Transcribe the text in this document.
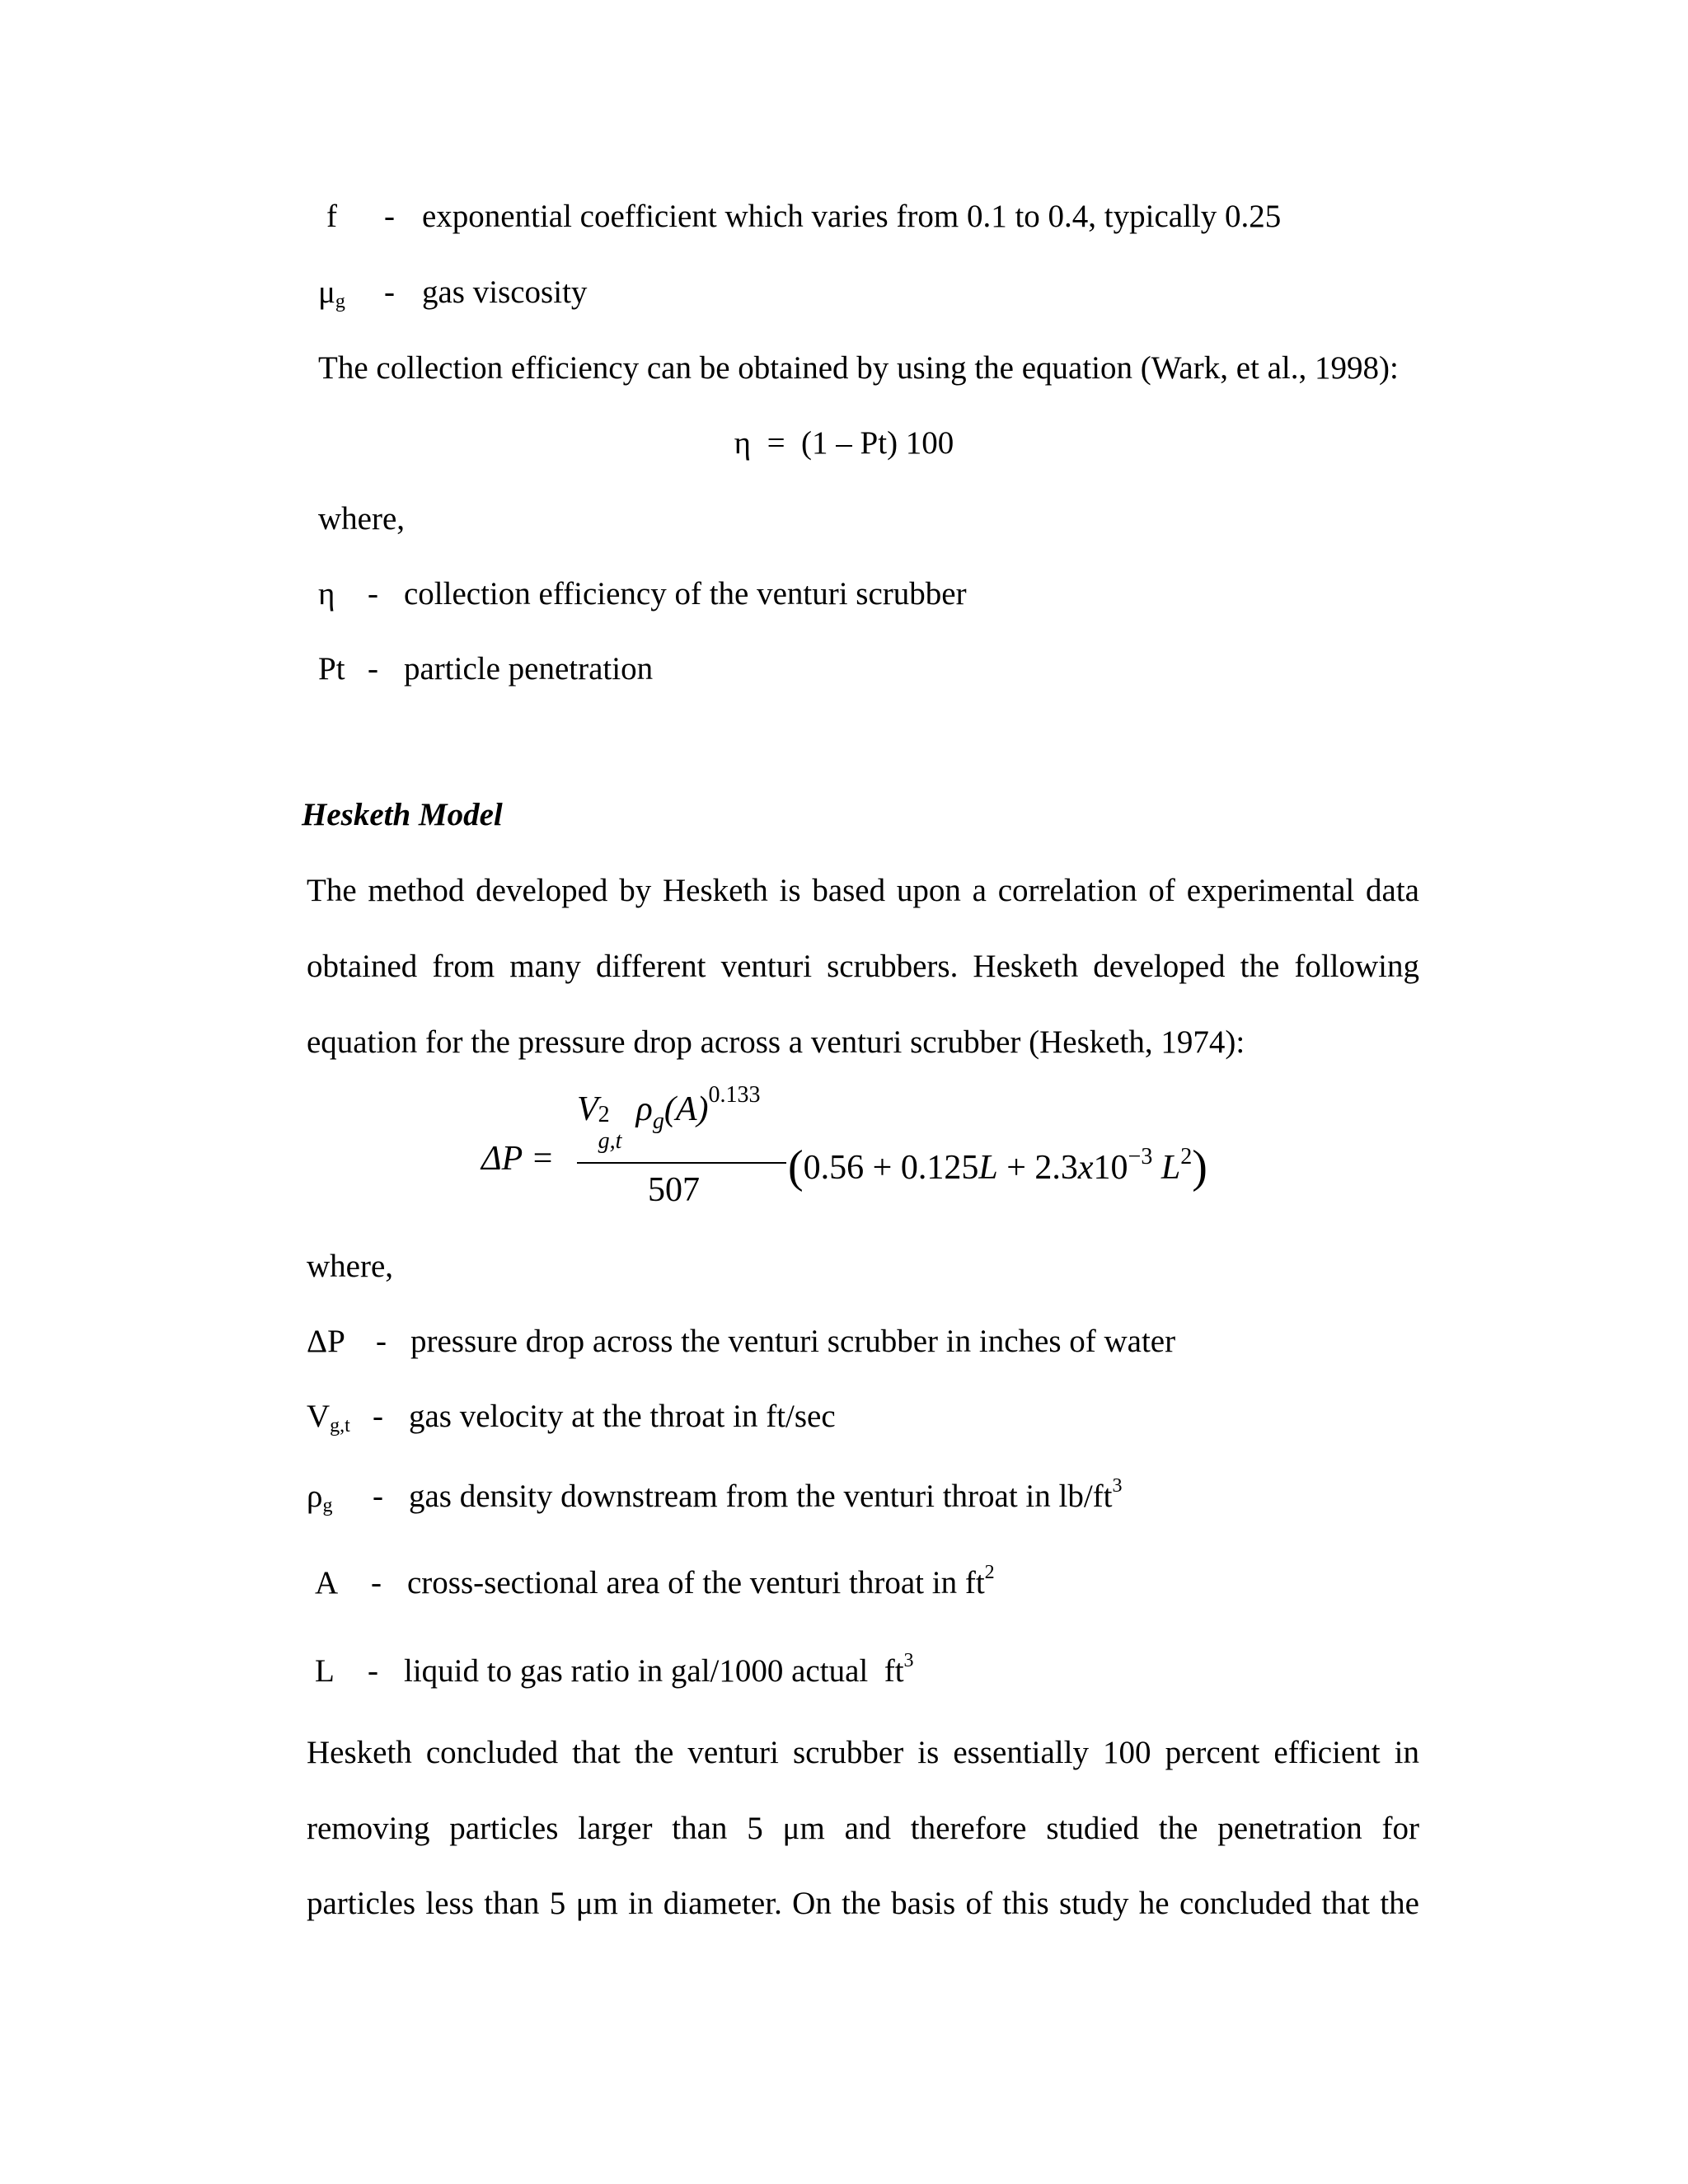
f - exponential coefficient which varies from 0.1 to 0.4, typically 0.25
$\mu_g$ - gas viscosity
The collection efficiency can be obtained by using the equation (Wark, et al., 1998):
η  =  (1 – Pt) 100
where,
η - collection efficiency of the venturi scrubber
Pt - particle penetration
Hesketh Model
The method developed by Hesketh is based upon a correlation of experimental data
obtained from many different venturi scrubbers. Hesketh developed the following
equation for the pressure drop across a venturi scrubber (Hesketh, 1974):
ΔP =
V 2
g,t
$\rho_g(A)^{0.133}$
507 ($0.56 + 0.125L + 2.3x10^{-3}$ $L^2$)
where,
ΔP - pressure drop across the venturi scrubber in inches of water
$V_{g,t}$ - gas velocity at the throat in ft/sec
$\rho_g$ - gas density downstream from the venturi throat in $lb/ft^3$
A - cross-sectional area of the venturi throat in $ft^2$
L - liquid to gas ratio in gal/1000 actual  $ft^3$
Hesketh concluded that the venturi scrubber is essentially 100 percent efficient in
removing particles larger than 5 μm and therefore studied the penetration for
particles less than 5 μm in diameter. On the basis of this study he concluded that the
